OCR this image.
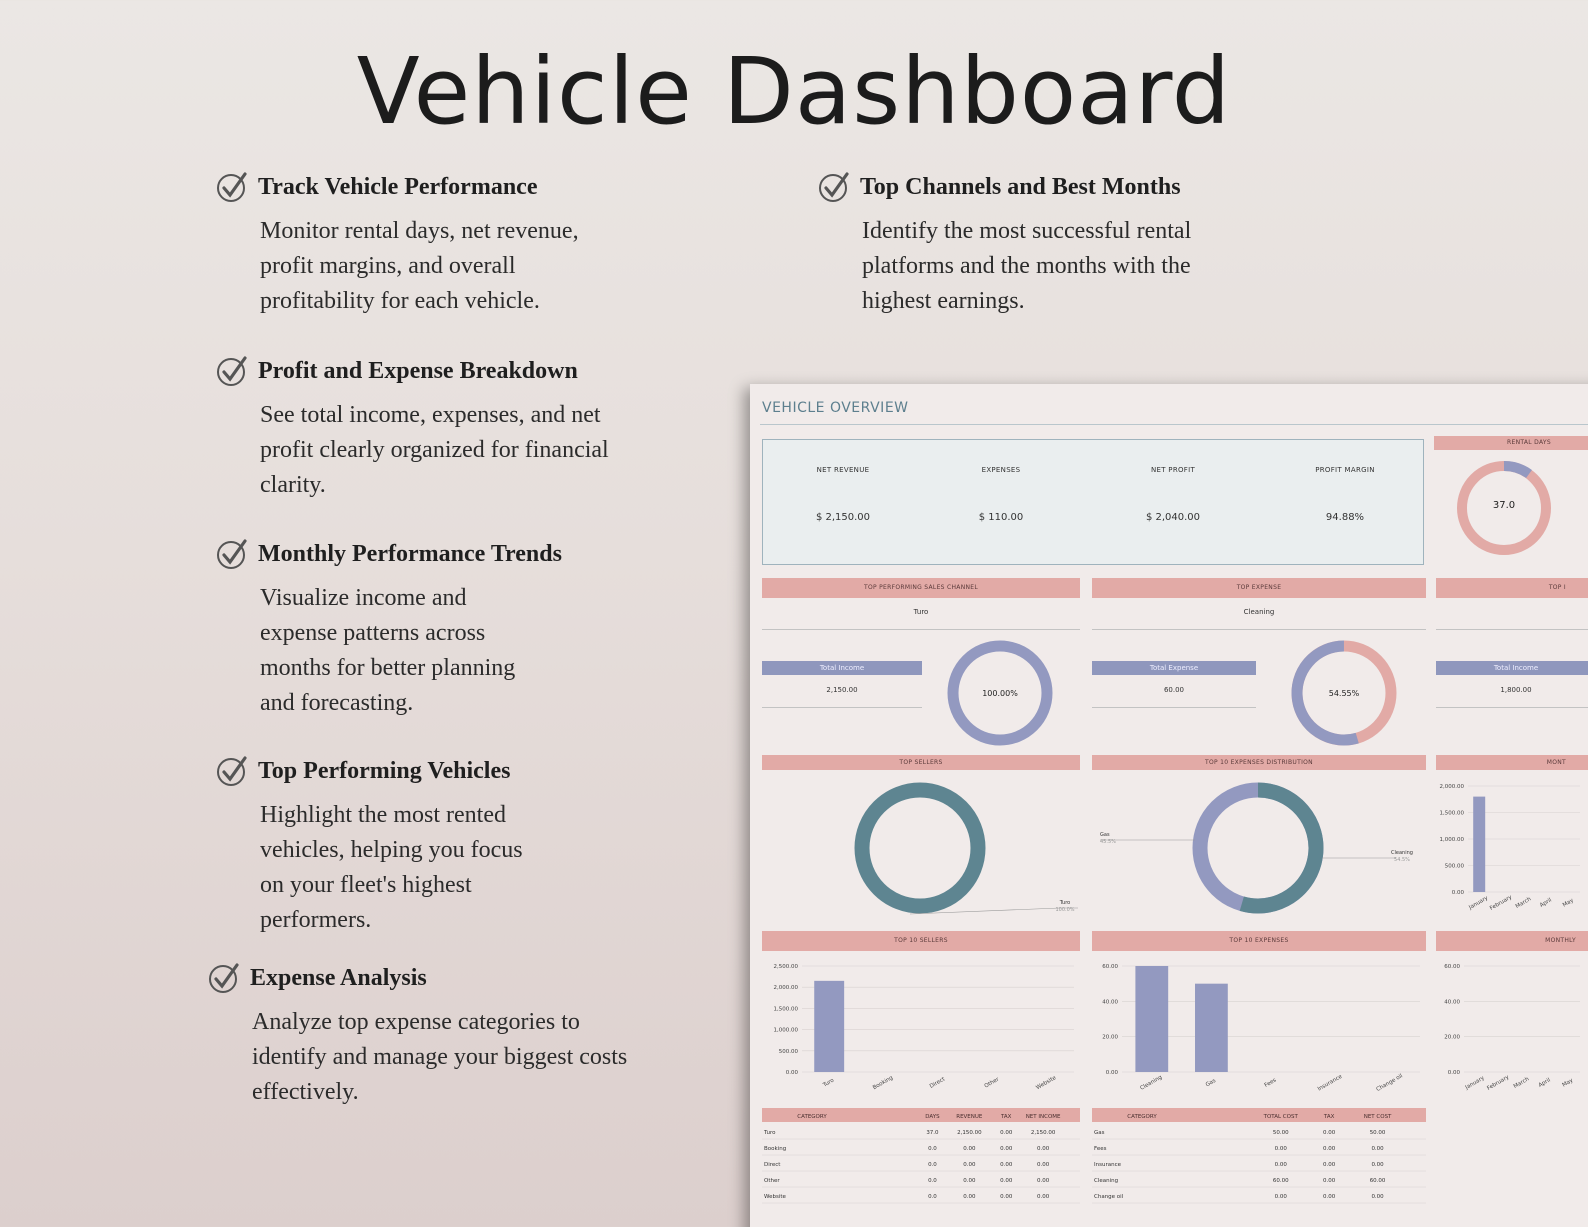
Vehicle Dashboard
Track Vehicle Performance
Monitor rental days, net revenue,
profit margins, and overall
profitability for each vehicle.
Top Channels and Best Months
Identify the most successful rental
platforms and the months with the
highest earnings.
Profit and Expense Breakdown
See total income, expenses, and net
profit clearly organized for financial
clarity.
Monthly Performance Trends
Visualize income and
expense patterns across
months for better planning
and forecasting.
Top Performing Vehicles
Highlight the most rented
vehicles, helping you focus
on your fleet's highest
performers.
Expense Analysis
Analyze top expense categories to
identify and manage your biggest costs
effectively.
VEHICLE OVERVIEW
NET REVENUE
$ 2,150.00
EXPENSES
$ 110.00
NET PROFIT
$ 2,040.00
PROFIT MARGIN
94.88%
RENTAL DAYS
37.0
TOP PERFORMING SALES CHANNEL
Turo
Total Income
2,150.00	100.00%
TOP EXPENSE
Cleaning
Total Expense
60.00	54.55%
TOP I
Total Income
1,800.00
TOP SELLERS
Turo
100.0%
TOP 10 EXPENSES DISTRIBUTION
Gas
45.5%
Cleaning
54.5%
MONT
2,000.00
1,500.00
1,000.00
500.00
0.00
January February March April May
TOP 10 SELLERS
2,500.00
2,000.00
1,500.00
1,000.00
500.00
0.00
Turo	Booking	Direct	Other	Website
TOP 10 EXPENSES
60.00
40.00
20.00
0.00
Cleaning	Gas	Fees	Insurance	Change oil
MONTHLY
60.00
40.00
20.00
0.00
January February March April May
CATEGORY	DAYS	REVENUE	TAX	NET INCOME
Turo	37.0	2,150.00	0.00	2,150.00
Booking	0.0	0.00	0.00	0.00
Direct	0.0	0.00	0.00	0.00
Other	0.0	0.00	0.00	0.00
Website	0.0	0.00	0.00	0.00
CATEGORY	TOTAL COST	TAX	NET COST
Gas	50.00	0.00	50.00
Fees	0.00	0.00	0.00
Insurance	0.00	0.00	0.00
Cleaning	60.00	0.00	60.00
Change oil	0.00	0.00	0.00
